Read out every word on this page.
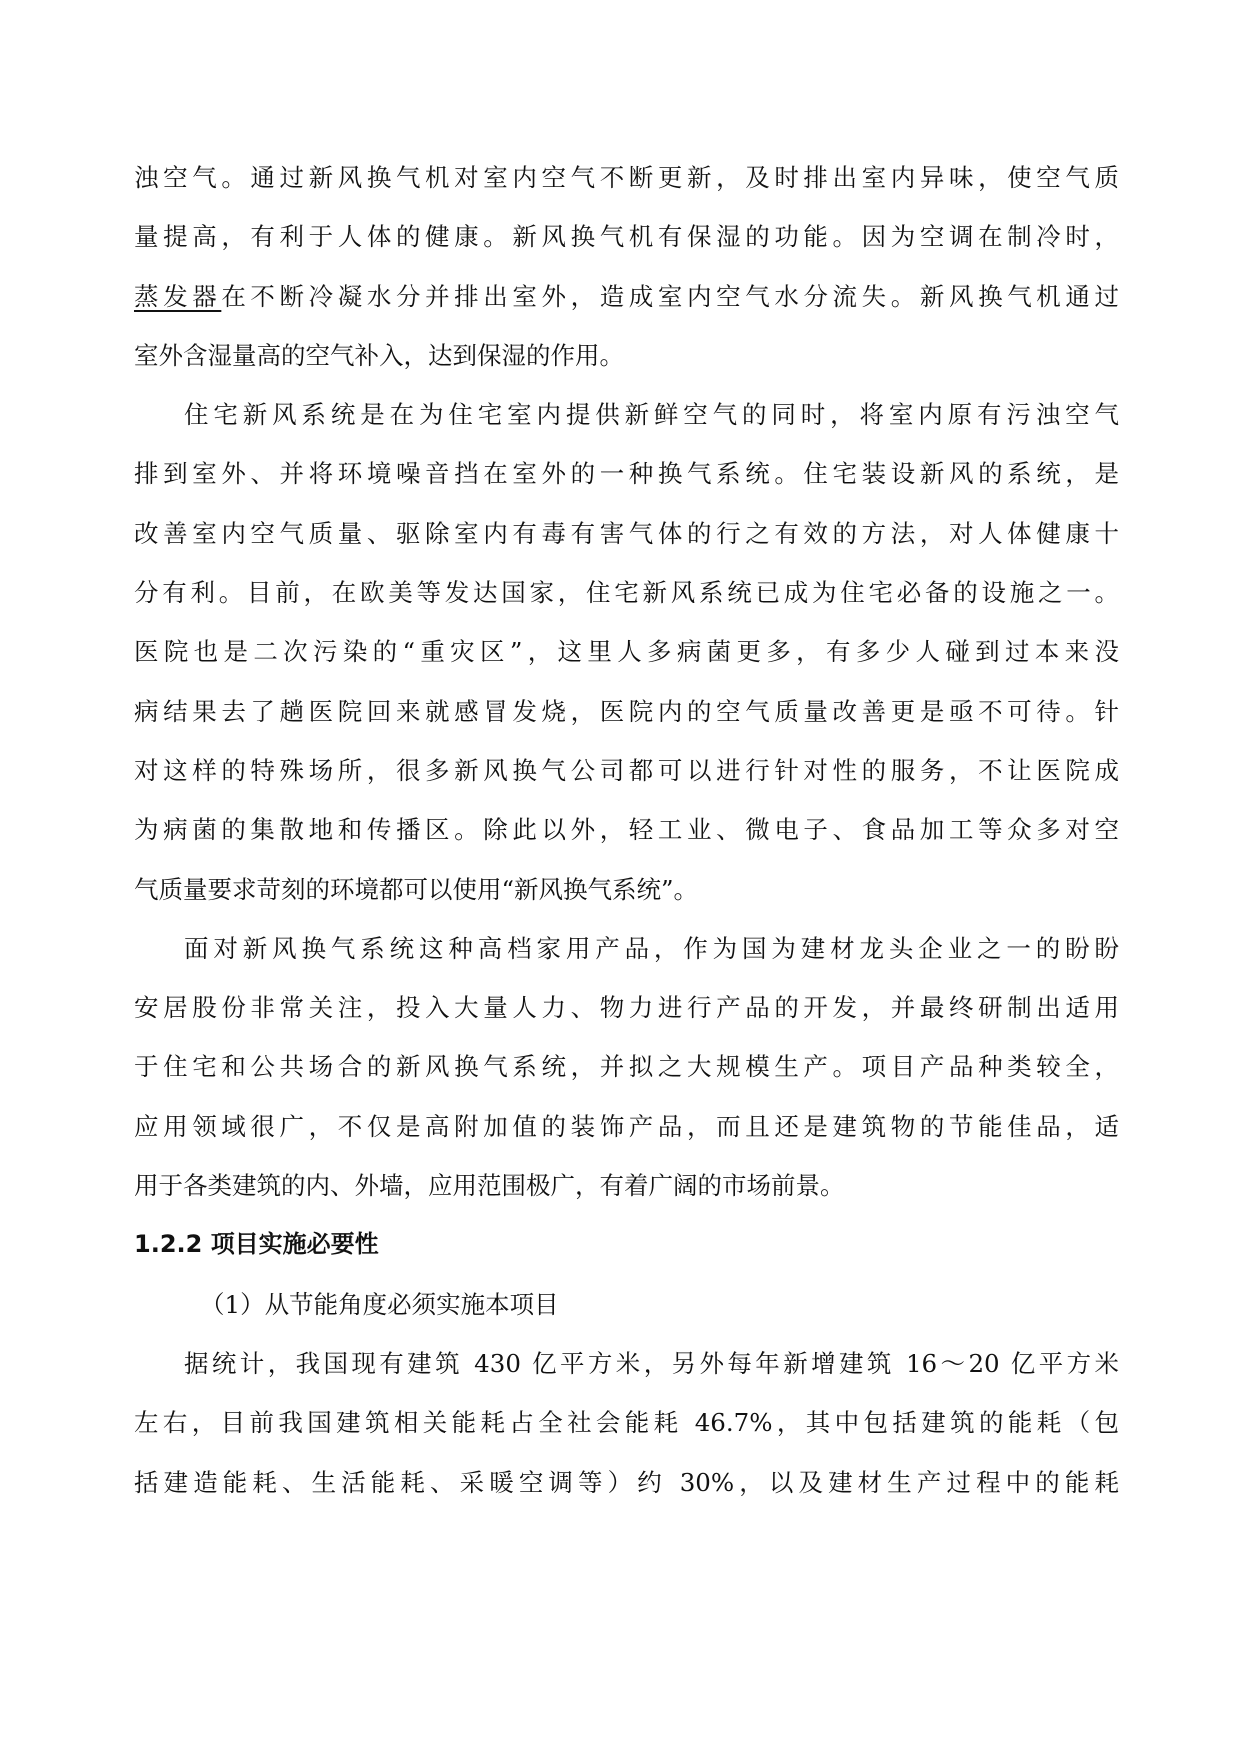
浊空气。通过新风换气机对室内空气不断更新，及时排出室内异味，使空气质
量提高，有利于人体的健康。新风换气机有保湿的功能。因为空调在制冷时，
蒸发器在不断冷凝水分并排出室外，造成室内空气水分流失。新风换气机通过
室外含湿量高的空气补入，达到保湿的作用。
住宅新风系统是在为住宅室内提供新鲜空气的同时，将室内原有污浊空气
排到室外、并将环境噪音挡在室外的一种换气系统。住宅装设新风的系统，是
改善室内空气质量、驱除室内有毒有害气体的行之有效的方法，对人体健康十
分有利。目前，在欧美等发达国家，住宅新风系统已成为住宅必备的设施之一。
医院也是二次污染的“重灾区”，这里人多病菌更多，有多少人碰到过本来没
病结果去了趟医院回来就感冒发烧，医院内的空气质量改善更是亟不可待。针
对这样的特殊场所，很多新风换气公司都可以进行针对性的服务，不让医院成
为病菌的集散地和传播区。除此以外，轻工业、微电子、食品加工等众多对空
气质量要求苛刻的环境都可以使用“新风换气系统”。
面对新风换气系统这种高档家用产品，作为国为建材龙头企业之一的盼盼
安居股份非常关注，投入大量人力、物力进行产品的开发，并最终研制出适用
于住宅和公共场合的新风换气系统，并拟之大规模生产。项目产品种类较全，
应用领域很广，不仅是高附加值的装饰产品，而且还是建筑物的节能佳品，适
用于各类建筑的内、外墙，应用范围极广，有着广阔的市场前景。
1.2.2 项目实施必要性
（1）从节能角度必须实施本项目
据统计，我国现有建筑 430 亿平方米，另外每年新增建筑 16～20 亿平方米
左右，目前我国建筑相关能耗占全社会能耗 46.7%，其中包括建筑的能耗（包
括建造能耗、生活能耗、采暖空调等）约 30%，以及建材生产过程中的能耗
